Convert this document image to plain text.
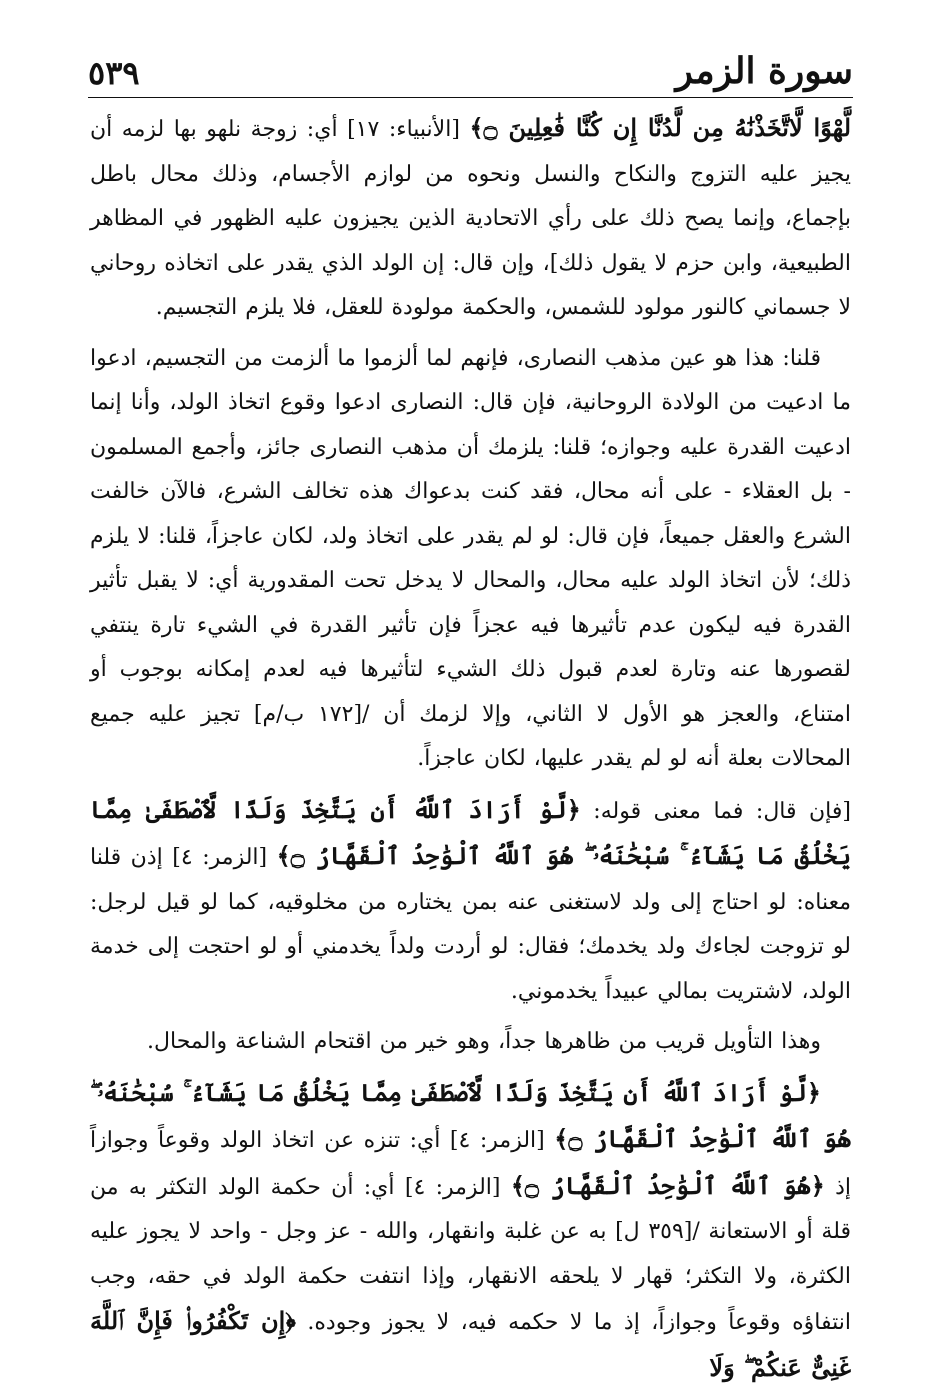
سورة الزمر
٥٣٩

لَّهْوًا لَّاتَّخَذْنَٰهُ مِن لَّدُنَّا إِن كُنَّا فَٰعِلِينَ ۝﴾ [الأنبياء: ١٧] أي: زوجة نلهو بها لزمه أن يجيز عليه التزوج والنكاح والنسل ونحوه من لوازم الأجسام، وذلك محال باطل بإجماع، وإنما يصح ذلك على رأي الاتحادية الذين يجيزون عليه الظهور في المظاهر الطبيعية، وابن حزم لا يقول ذلك]، وإن قال: إن الولد الذي يقدر على اتخاذه روحاني لا جسماني كالنور مولود للشمس، والحكمة مولودة للعقل، فلا يلزم التجسيم.

قلنا: هذا هو عين مذهب النصارى، فإنهم لما ألزموا ما ألزمت من التجسيم، ادعوا ما ادعيت من الولادة الروحانية، فإن قال: النصارى ادعوا وقوع اتخاذ الولد، وأنا إنما ادعيت القدرة عليه وجوازه؛ قلنا: يلزمك أن مذهب النصارى جائز، وأجمع المسلمون - بل العقلاء - على أنه محال، فقد كنت بدعواك هذه تخالف الشرع، فالآن خالفت الشرع والعقل جميعاً، فإن قال: لو لم يقدر على اتخاذ ولد، لكان عاجزاً، قلنا: لا يلزم ذلك؛ لأن اتخاذ الولد عليه محال، والمحال لا يدخل تحت المقدورية أي: لا يقبل تأثير القدرة فيه ليكون عدم تأثيرها فيه عجزاً فإن تأثير القدرة في الشيء تارة ينتفي لقصورها عنه وتارة لعدم قبول ذلك الشيء لتأثيرها فيه لعدم إمكانه بوجوب أو امتناع، والعجز هو الأول لا الثاني، وإلا لزمك أن /[١٧٢ ب/م] تجيز عليه جميع المحالات بعلة أنه لو لم يقدر عليها، لكان عاجزاً.

[فإن قال: فما معنى قوله: ﴿لَّوْ أَرَادَ ٱللَّهُ أَن يَتَّخِذَ وَلَدًا لَّٱصْطَفَىٰ مِمَّا يَخْلُقُ مَا يَشَآءُ ۚ سُبْحَٰنَهُۥ ۖ هُوَ ٱللَّهُ ٱلْوَٰحِدُ ٱلْقَهَّارُ ۝﴾ [الزمر: ٤] إذن قلنا معناه: لو احتاج إلى ولد لاستغنى عنه بمن يختاره من مخلوقيه، كما لو قيل لرجل: لو تزوجت لجاءك ولد يخدمك؛ فقال: لو أردت ولداً يخدمني أو لو احتجت إلى خدمة الولد، لاشتريت بمالي عبيداً يخدموني.

وهذا التأويل قريب من ظاهرها جداً، وهو خير من اقتحام الشناعة والمحال.

﴿لَّوْ أَرَادَ ٱللَّهُ أَن يَتَّخِذَ وَلَدًا لَّٱصْطَفَىٰ مِمَّا يَخْلُقُ مَا يَشَآءُ ۚ سُبْحَٰنَهُۥ ۖ هُوَ ٱللَّهُ ٱلْوَٰحِدُ ٱلْقَهَّارُ ۝﴾ [الزمر: ٤] أي: تنزه عن اتخاذ الولد وقوعاً وجوازاً إذ ﴿هُوَ ٱللَّهُ ٱلْوَٰحِدُ ٱلْقَهَّارُ ۝﴾ [الزمر: ٤] أي: أن حكمة الولد التكثر به من قلة أو الاستعانة /[٣٥٩ ل] به عن غلبة وانقهار، والله - عز وجل - واحد لا يجوز عليه الكثرة، ولا التكثر؛ قهار لا يلحقه الانقهار، وإذا انتفت حكمة الولد في حقه، وجب انتفاؤه وقوعاً وجوازاً، إذ ما لا حكمه فيه، لا يجوز وجوده. ﴿إِن تَكْفُرُوا۟ فَإِنَّ ٱللَّهَ غَنِىٌّ عَنكُمْ ۖ وَلَا
